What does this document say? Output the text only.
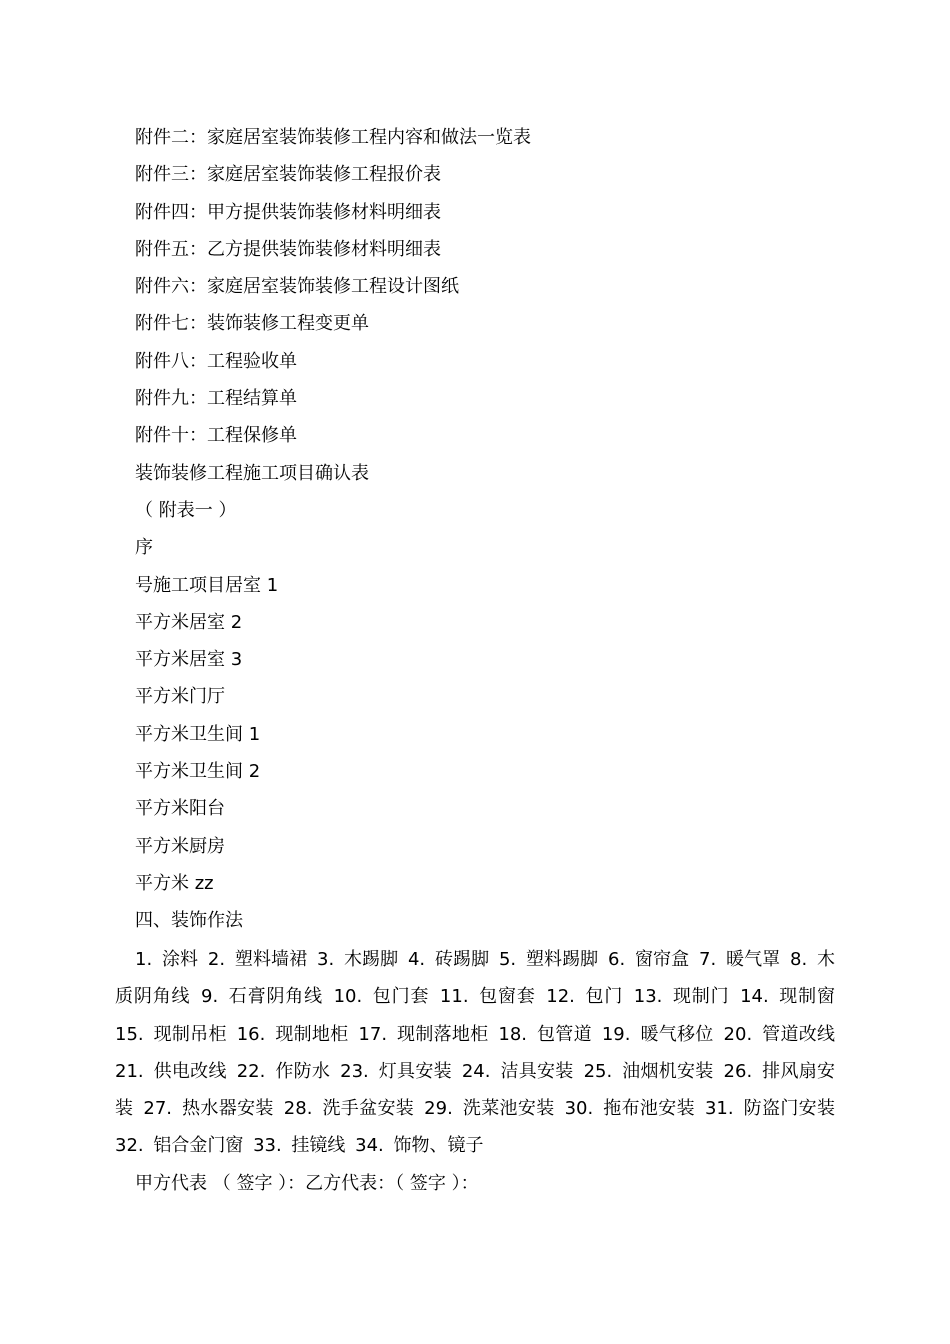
附件二：家庭居室装饰装修工程内容和做法一览表
附件三：家庭居室装饰装修工程报价表
附件四：甲方提供装饰装修材料明细表
附件五：乙方提供装饰装修材料明细表
附件六：家庭居室装饰装修工程设计图纸
附件七：装饰装修工程变更单
附件八：工程验收单
附件九：工程结算单
附件十：工程保修单
装饰装修工程施工项目确认表
（ 附表一 ）
序
号施工项目居室 1
平方米居室 2
平方米居室 3
平方米门厅
平方米卫生间 1
平方米卫生间 2
平方米阳台
平方米厨房
平方米 zz
四、装饰作法
1. 涂料 2. 塑料墙裙 3. 木踢脚 4. 砖踢脚 5. 塑料踢脚 6. 窗帘盒 7. 暖气罩 8. 木质阴角线 9. 石膏阴角线 10. 包门套 11. 包窗套 12. 包门 13. 现制门 14. 现制窗 15. 现制吊柜 16. 现制地柜 17. 现制落地柜 18. 包管道 19. 暖气移位 20. 管道改线 21. 供电改线 22. 作防水 23. 灯具安装 24. 洁具安装 25. 油烟机安装 26. 排风扇安装 27. 热水器安装 28. 洗手盆安装 29. 洗菜池安装 30. 拖布池安装 31. 防盗门安装 32. 铝合金门窗 33. 挂镜线 34. 饰物、镜子
甲方代表 （ 签字 ）：乙方代表：（ 签字 ）：
